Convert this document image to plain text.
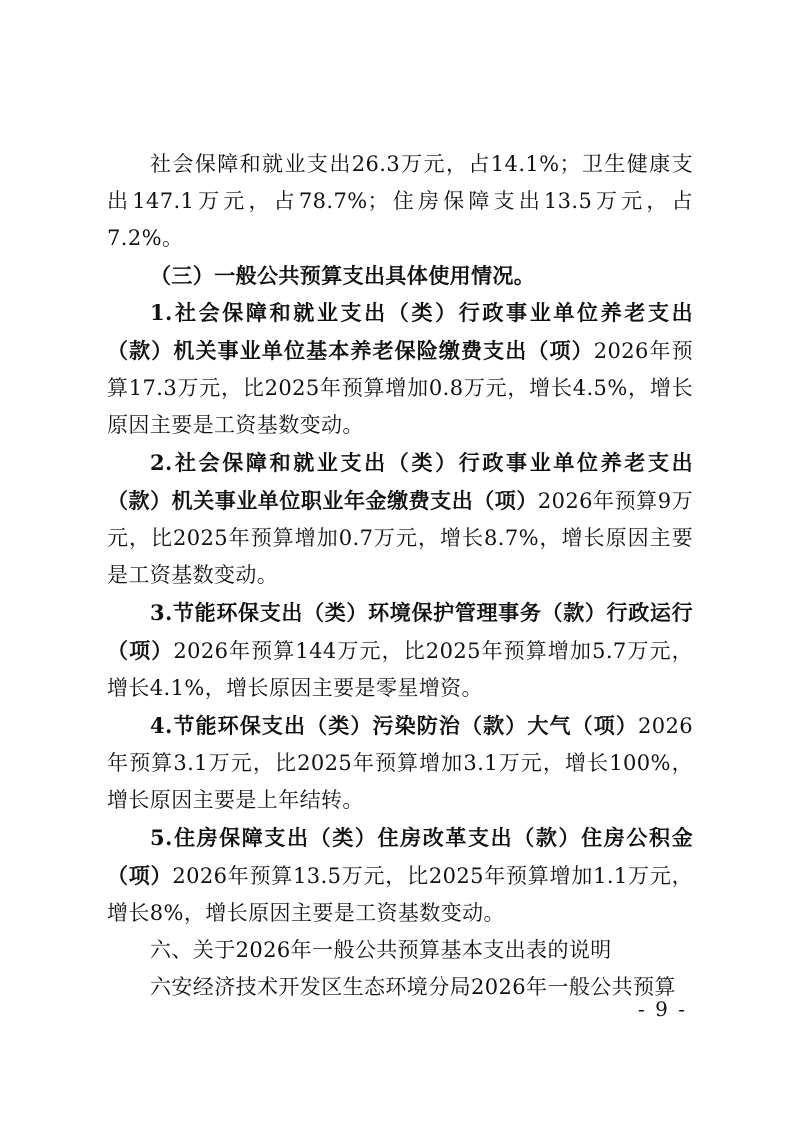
社会保障和就业支出26.3万元，占14.1%；卫生健康支出147.1万元，占78.7%；住房保障支出13.5万元，占7.2%。

（三）一般公共预算支出具体使用情况。

1.社会保障和就业支出（类）行政事业单位养老支出（款）机关事业单位基本养老保险缴费支出（项）2026年预算17.3万元，比2025年预算增加0.8万元，增长4.5%，增长原因主要是工资基数变动。

2.社会保障和就业支出（类）行政事业单位养老支出（款）机关事业单位职业年金缴费支出（项）2026年预算9万元，比2025年预算增加0.7万元，增长8.7%，增长原因主要是工资基数变动。

3.节能环保支出（类）环境保护管理事务（款）行政运行（项）2026年预算144万元，比2025年预算增加5.7万元，增长4.1%，增长原因主要是零星增资。

4.节能环保支出（类）污染防治（款）大气（项）2026年预算3.1万元，比2025年预算增加3.1万元，增长100%，增长原因主要是上年结转。

5.住房保障支出（类）住房改革支出（款）住房公积金（项）2026年预算13.5万元，比2025年预算增加1.1万元，增长8%，增长原因主要是工资基数变动。

六、关于2026年一般公共预算基本支出表的说明

六安经济技术开发区生态环境分局2026年一般公共预算

- 9 -
